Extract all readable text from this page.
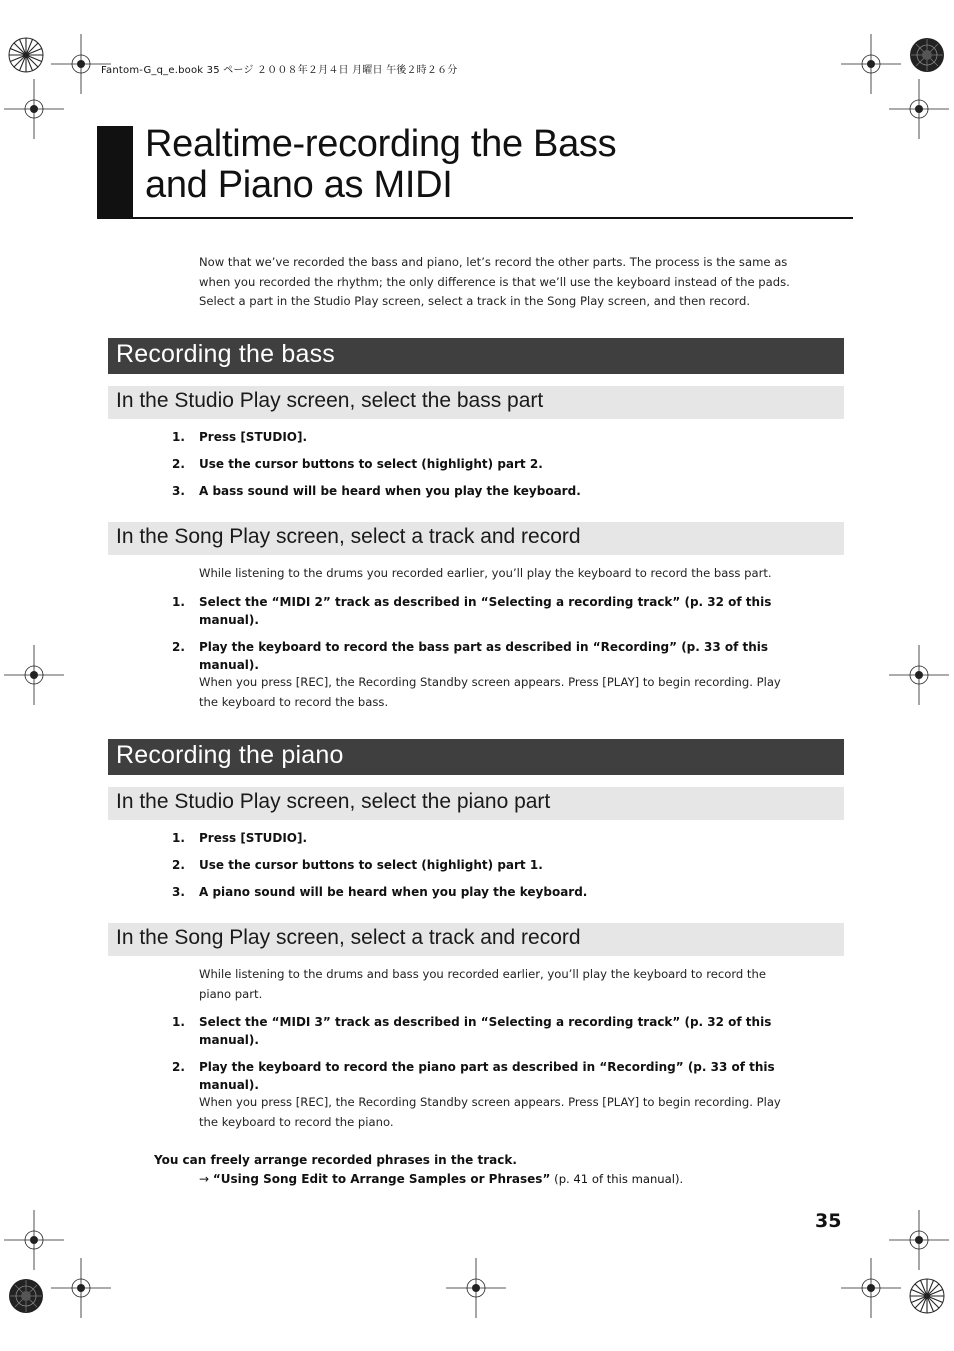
Fantom-G_q_e.book 35 ページ ２００８年２月４日 月曜日 午後２時２６分
Realtime-recording the Bass
and Piano as MIDI
Now that we’ve recorded the bass and piano, let’s record the other parts. The process is the same as when you recorded the rhythm; the only difference is that we’ll use the keyboard instead of the pads. Select a part in the Studio Play screen, select a track in the Song Play screen, and then record.
Recording the bass
In the Studio Play screen, select the bass part
1. Press [STUDIO].
2. Use the cursor buttons to select (highlight) part 2.
3. A bass sound will be heard when you play the keyboard.
In the Song Play screen, select a track and record
While listening to the drums you recorded earlier, you’ll play the keyboard to record the bass part.
1. Select the “MIDI 2” track as described in “Selecting a recording track” (p. 32 of this manual).
2. Play the keyboard to record the bass part as described in “Recording” (p. 33 of this manual).
When you press [REC], the Recording Standby screen appears. Press [PLAY] to begin recording. Play the keyboard to record the bass.
Recording the piano
In the Studio Play screen, select the piano part
1. Press [STUDIO].
2. Use the cursor buttons to select (highlight) part 1.
3. A piano sound will be heard when you play the keyboard.
In the Song Play screen, select a track and record
While listening to the drums and bass you recorded earlier, you’ll play the keyboard to record the piano part.
1. Select the “MIDI 3” track as described in “Selecting a recording track” (p. 32 of this manual).
2. Play the keyboard to record the piano part as described in “Recording” (p. 33 of this manual).
When you press [REC], the Recording Standby screen appears. Press [PLAY] to begin recording. Play the keyboard to record the piano.
You can freely arrange recorded phrases in the track.
→ “Using Song Edit to Arrange Samples or Phrases” (p. 41 of this manual).
35
